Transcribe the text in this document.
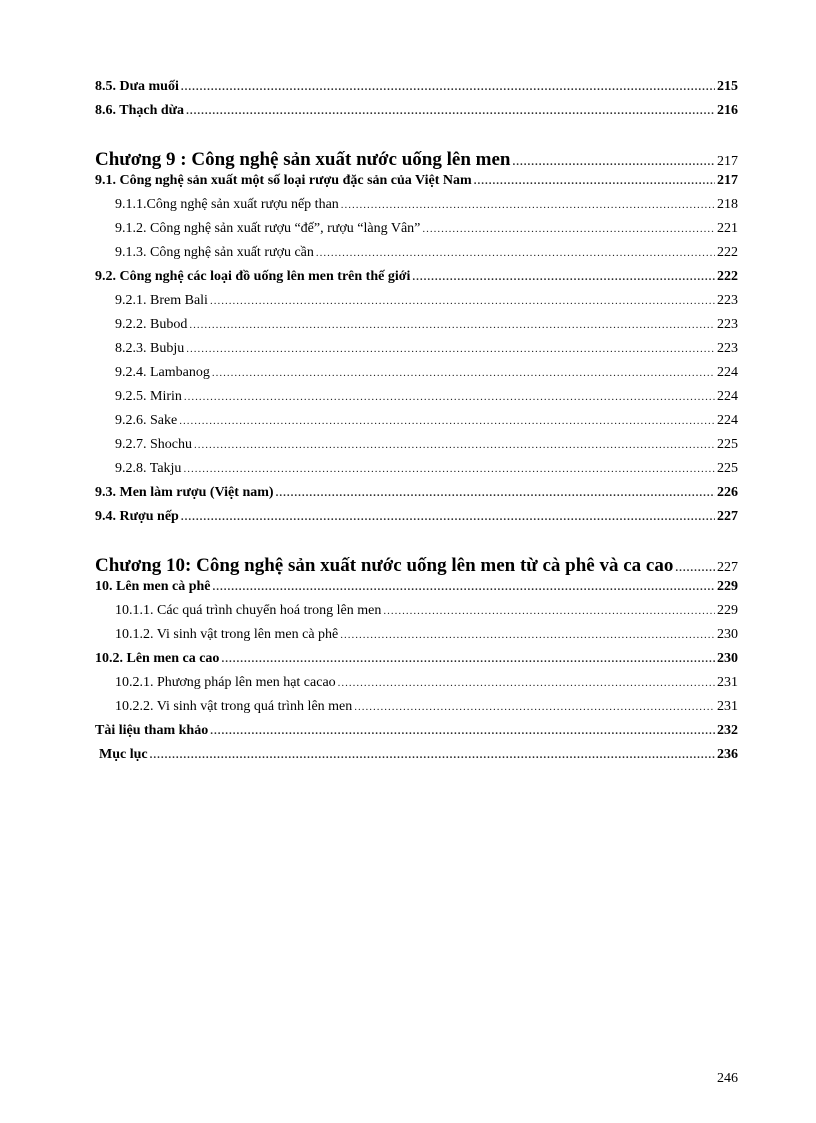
8.5. Dưa muối .....	215
8.6. Thạch dừa .....	216
Chương 9 : Công nghệ sản xuất nước uống lên men .....	217
9.1. Công nghệ sản xuất một số loại rượu đặc sản của Việt Nam .....	217
9.1.1.Công nghệ sản xuất rượu nếp than .....	218
9.1.2. Công nghệ sản xuất rượu “đế”, rượu “làng Vân” .....	221
9.1.3. Công nghệ sản xuất rượu cần .....	222
9.2. Công nghệ các loại đồ uống lên men trên thế giới .....	222
9.2.1. Brem Bali .....	223
9.2.2. Bubod .....	223
8.2.3. Bubju .....	223
9.2.4. Lambanog .....	224
9.2.5. Mirin .....	224
9.2.6. Sake .....	224
9.2.7. Shochu .....	225
9.2.8. Takju .....	225
9.3. Men làm rượu (Việt nam) .....	226
9.4. Rượu nếp .....	227
Chương 10: Công nghệ sản xuất nước uống lên men từ cà phê và ca cao .....	227
10. Lên men cà phê .....	229
10.1.1. Các quá trình chuyển hoá trong lên men .....	229
10.1.2. Vi sinh vật trong lên men cà phê .....	230
10.2. Lên men ca cao .....	230
10.2.1. Phương pháp lên men hạt cacao .....	231
10.2.2. Vi sinh vật trong quá trình lên men .....	231
Tài liệu tham khảo .....	232
Mục lục .....	236
246
